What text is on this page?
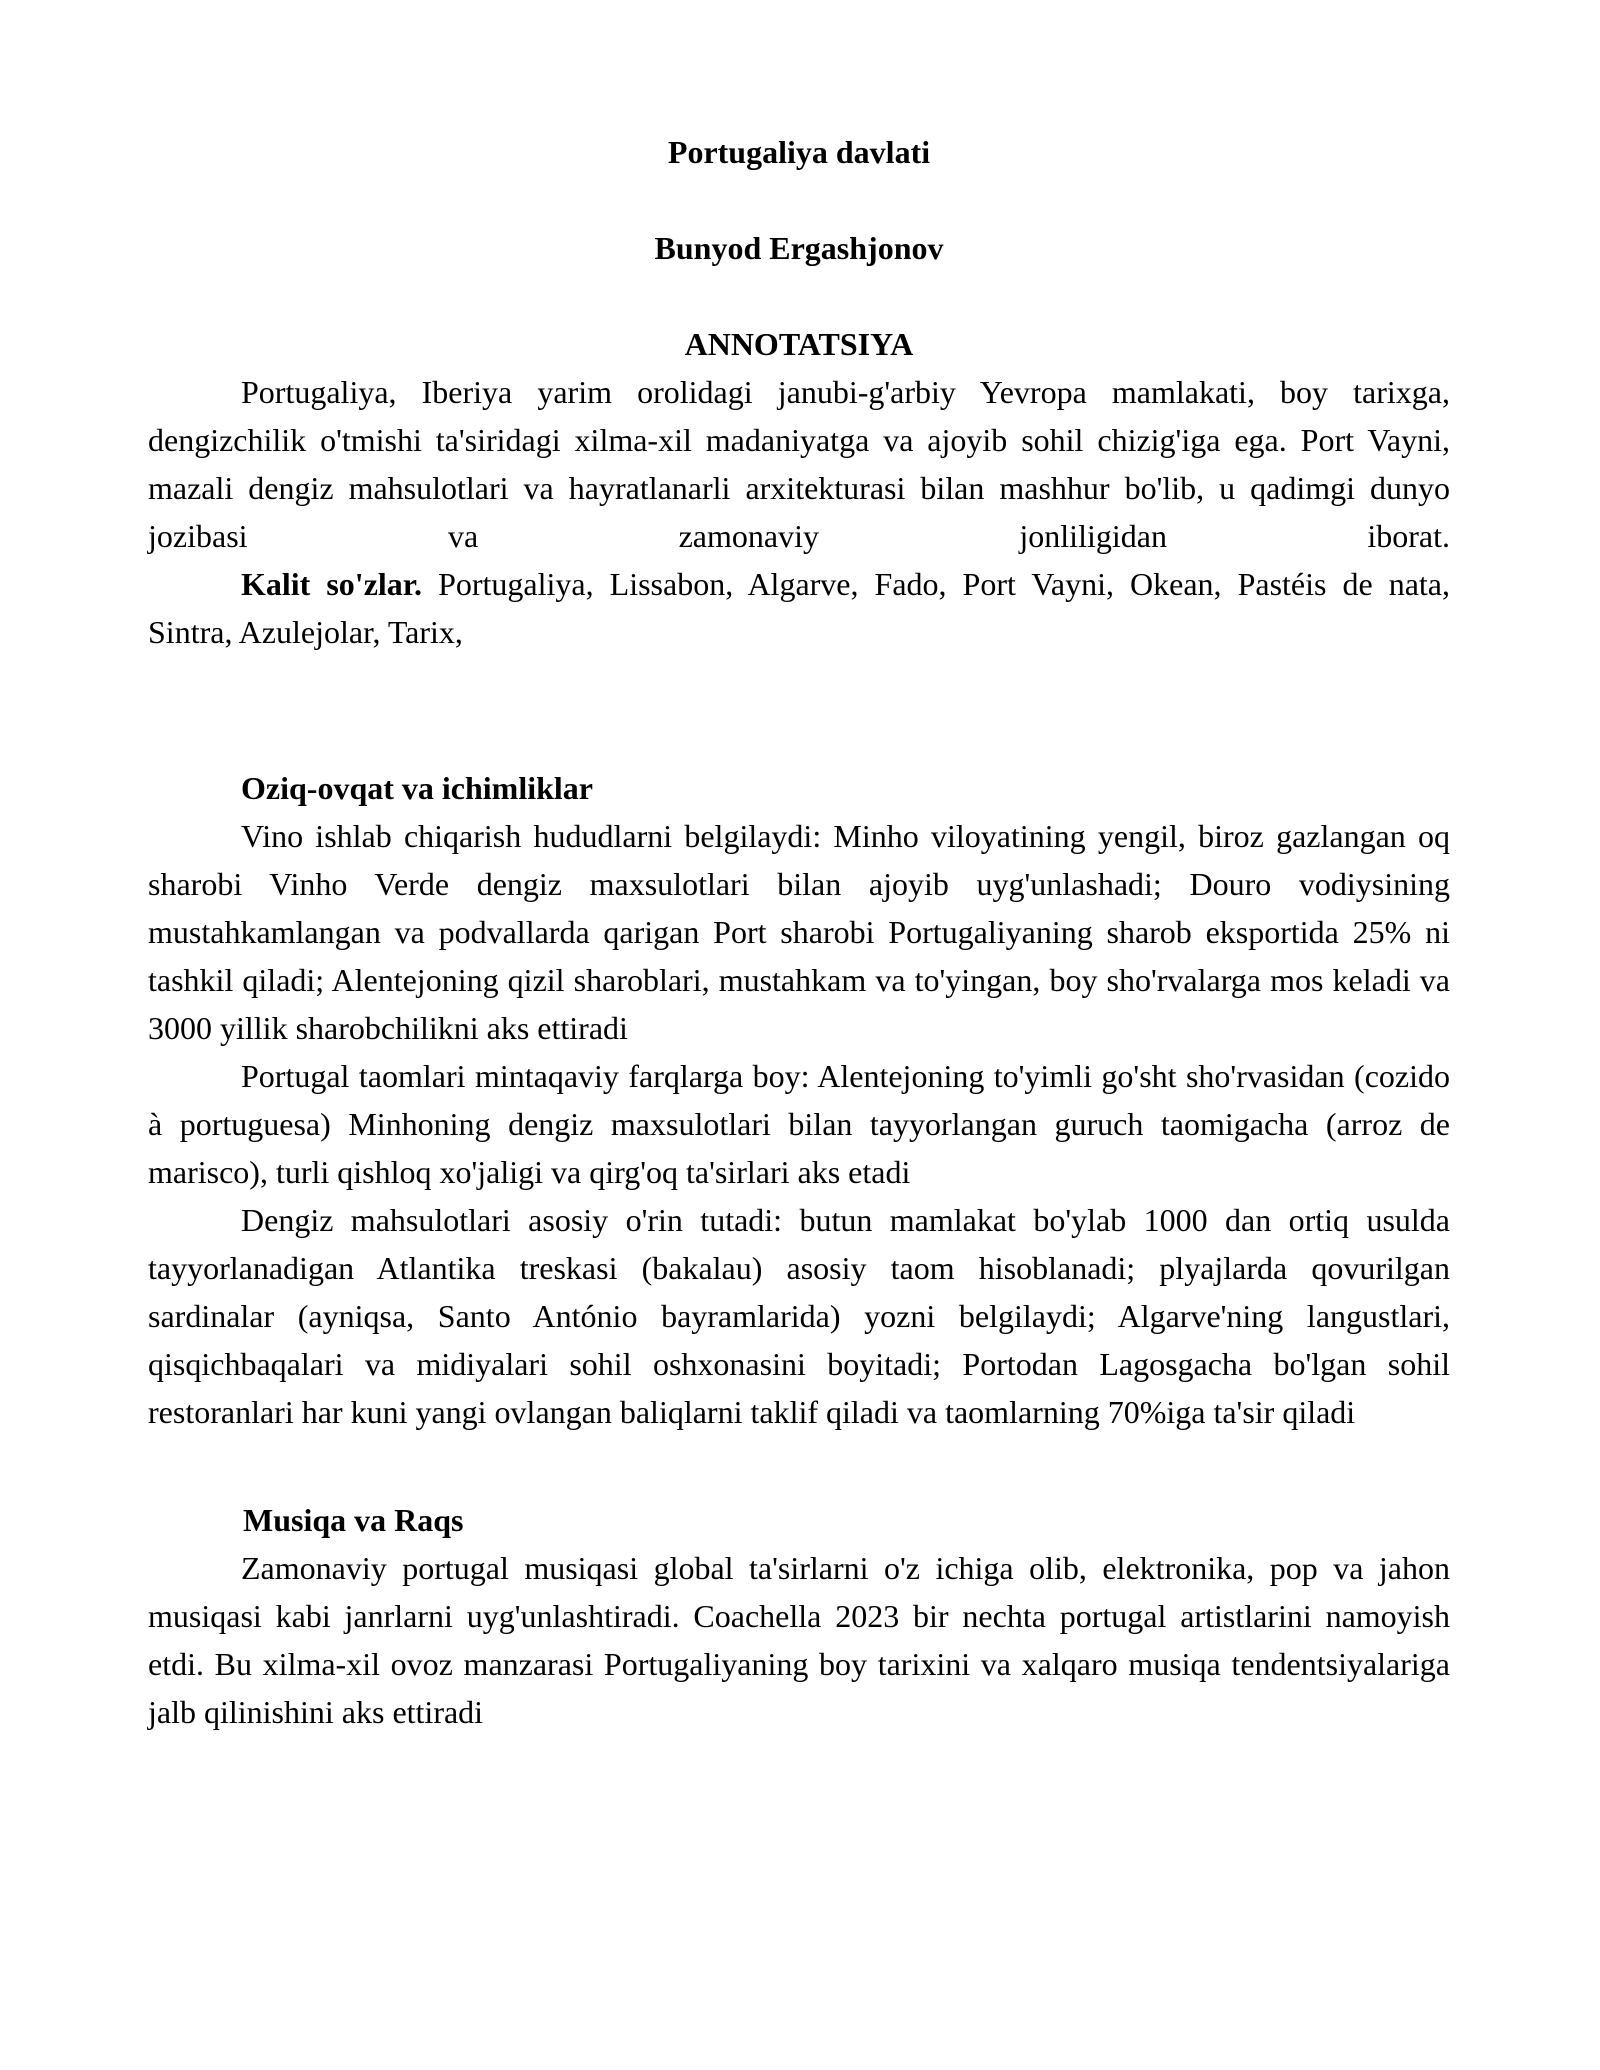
Portugaliya davlati

Bunyod Ergashjonov

ANNOTATSIYA

Portugaliya, Iberiya yarim orolidagi janubi-g'arbiy Yevropa mamlakati, boy tarixga, dengizchilik o'tmishi ta'siridagi xilma-xil madaniyatga va ajoyib sohil chizig'iga ega. Port Vayni, mazali dengiz mahsulotlari va hayratlanarli arxitekturasi bilan mashhur bo'lib, u qadimgi dunyo jozibasi va zamonaviy jonliligidan iborat.

Kalit so'zlar. Portugaliya, Lissabon, Algarve, Fado, Port Vayni, Okean, Pastéis de nata, Sintra, Azulejolar, Tarix,

Oziq-ovqat va ichimliklar

Vino ishlab chiqarish hududlarni belgilaydi: Minho viloyatining yengil, biroz gazlangan oq sharobi Vinho Verde dengiz maxsulotlari bilan ajoyib uyg'unlashadi; Douro vodiysining mustahkamlangan va podvallarda qarigan Port sharobi Portugaliyaning sharob eksportida 25% ni tashkil qiladi; Alentejoning qizil sharoblari, mustahkam va to'yingan, boy sho'rvalarga mos keladi va 3000 yillik sharobchilikni aks ettiradi

Portugal taomlari mintaqaviy farqlarga boy: Alentejoning to'yimli go'sht sho'rvasidan (cozido à portuguesa) Minhoning dengiz maxsulotlari bilan tayyorlangan guruch taomigacha (arroz de marisco), turli qishloq xo'jaligi va qirg'oq ta'sirlari aks etadi

Dengiz mahsulotlari asosiy o'rin tutadi: butun mamlakat bo'ylab 1000 dan ortiq usulda tayyorlanadigan Atlantika treskasi (bakalau) asosiy taom hisoblanadi; plyajlarda qovurilgan sardinalar (ayniqsa, Santo António bayramlarida) yozni belgilaydi; Algarve'ning langustlari, qisqichbaqalari va midiyalari sohil oshxonasini boyitadi; Portodan Lagosgacha bo'lgan sohil restoranlari har kuni yangi ovlangan baliqlarni taklif qiladi va taomlarning 70%iga ta'sir qiladi

Musiqa va Raqs

Zamonaviy portugal musiqasi global ta'sirlarni o'z ichiga olib, elektronika, pop va jahon musiqasi kabi janrlarni uyg'unlashtiradi. Coachella 2023 bir nechta portugal artistlarini namoyish etdi. Bu xilma-xil ovoz manzarasi Portugaliyaning boy tarixini va xalqaro musiqa tendentsiyalariga jalb qilinishini aks ettiradi
